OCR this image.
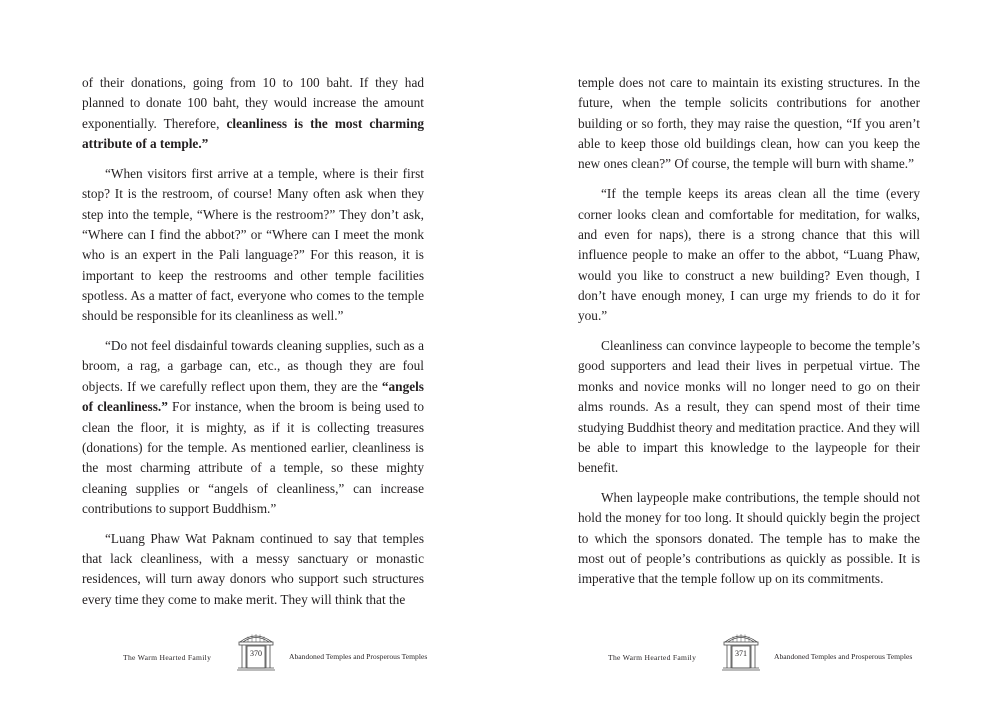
of their donations, going from 10 to 100 baht. If they had planned to donate 100 baht, they would increase the amount exponentially. Therefore, cleanliness is the most charming attribute of a temple.”

“When visitors first arrive at a temple, where is their first stop? It is the restroom, of course! Many often ask when they step into the temple, “Where is the restroom?” They don’t ask, “Where can I find the abbot?” or “Where can I meet the monk who is an expert in the Pali language?” For this reason, it is important to keep the restrooms and other temple facilities spotless. As a matter of fact, everyone who comes to the temple should be responsible for its cleanliness as well.”

“Do not feel disdainful towards cleaning supplies, such as a broom, a rag, a garbage can, etc., as though they are foul objects. If we carefully reflect upon them, they are the “angels of cleanliness.” For instance, when the broom is being used to clean the floor, it is mighty, as if it is collecting treasures (donations) for the temple. As mentioned earlier, cleanliness is the most charming attribute of a temple, so these mighty cleaning supplies or “angels of cleanliness,” can increase contributions to support Buddhism.”

“Luang Phaw Wat Paknam continued to say that temples that lack cleanliness, with a messy sanctuary or monastic residences, will turn away donors who support such structures every time they come to make merit. They will think that the

The Warm Hearted Family	370	Abandoned Temples and Prosperous Temples

temple does not care to maintain its existing structures. In the future, when the temple solicits contributions for another building or so forth, they may raise the question, “If you aren’t able to keep those old buildings clean, how can you keep the new ones clean?” Of course, the temple will burn with shame.”

“If the temple keeps its areas clean all the time (every corner looks clean and comfortable for meditation, for walks, and even for naps), there is a strong chance that this will influence people to make an offer to the abbot, “Luang Phaw, would you like to construct a new building? Even though, I don’t have enough money, I can urge my friends to do it for you.”

Cleanliness can convince laypeople to become the temple’s good supporters and lead their lives in perpetual virtue. The monks and novice monks will no longer need to go on their alms rounds. As a result, they can spend most of their time studying Buddhist theory and meditation practice. And they will be able to impart this knowledge to the laypeople for their benefit.

When laypeople make contributions, the temple should not hold the money for too long. It should quickly begin the project to which the sponsors donated. The temple has to make the most out of people’s contributions as quickly as possible. It is imperative that the temple follow up on its commitments.

The Warm Hearted Family	371	Abandoned Temples and Prosperous Temples
